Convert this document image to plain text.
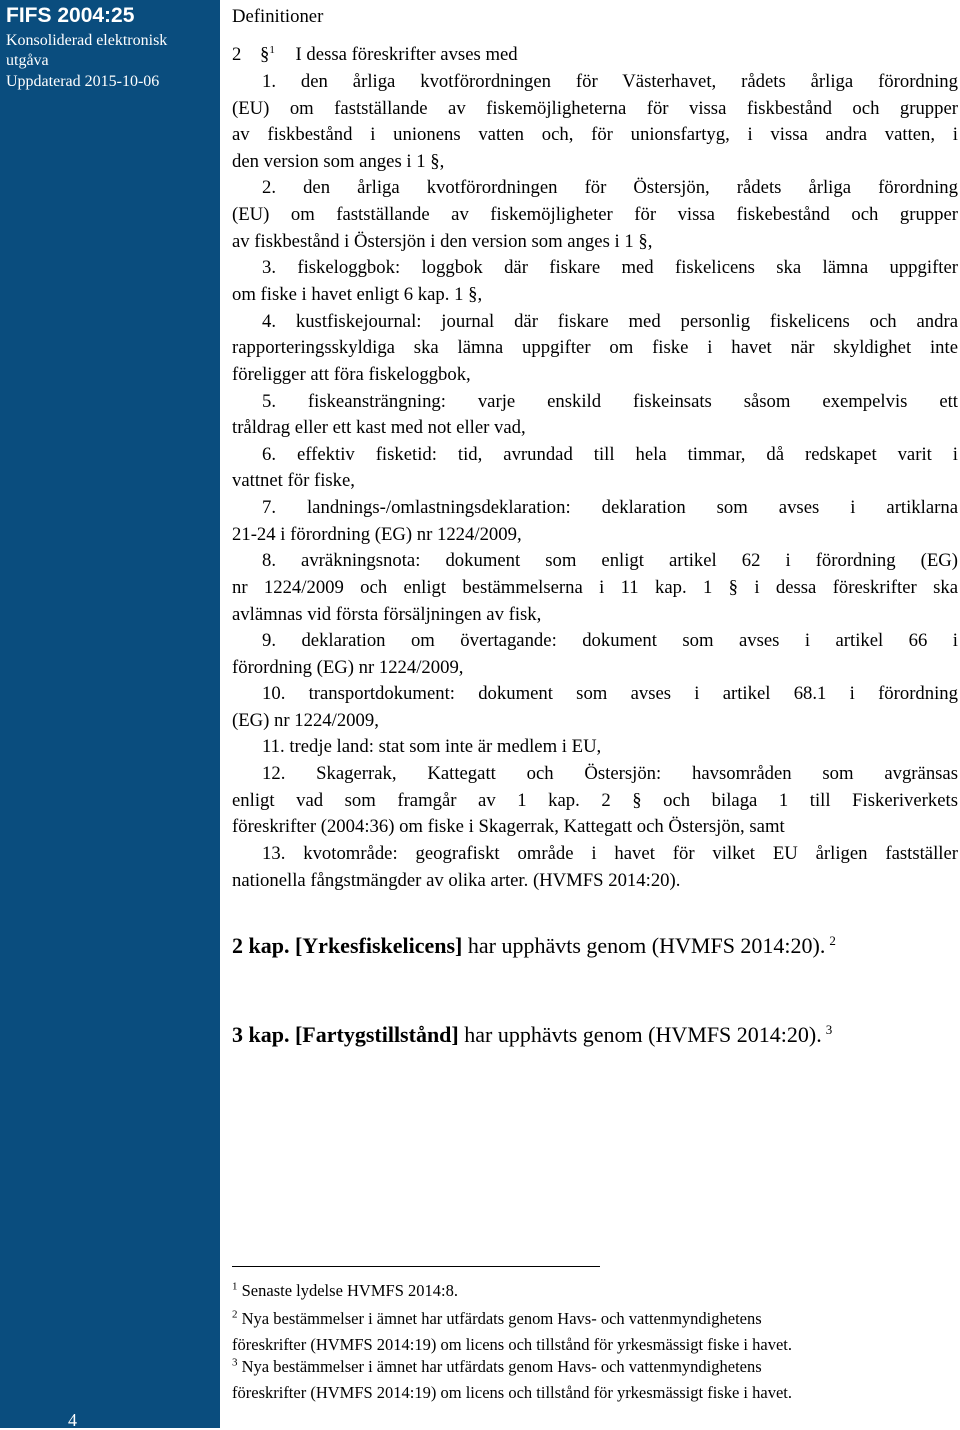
FIFS 2004:25
Konsoliderad elektronisk
utgåva
Uppdaterad 2015-10-06
4
Definitioner
2 §$^1$ I dessa föreskrifter avses med
1. den årliga kvotförordningen för Västerhavet, rådets årliga förordning
(EU) om fastställande av fiskemöjligheterna för vissa fiskbestånd och grupper
av fiskbestånd i unionens vatten och, för unionsfartyg, i vissa andra vatten, i
den version som anges i 1 §,
2. den årliga kvotförordningen för Östersjön, rådets årliga förordning
(EU) om fastställande av fiskemöjligheter för vissa fiskebestånd och grupper
av fiskbestånd i Östersjön i den version som anges i 1 §,
3. fiskeloggbok: loggbok där fiskare med fiskelicens ska lämna uppgifter
om fiske i havet enligt 6 kap. 1 §,
4. kustfiskejournal: journal där fiskare med personlig fiskelicens och andra
rapporteringsskyldiga ska lämna uppgifter om fiske i havet när skyldighet inte
föreligger att föra fiskeloggbok,
5. fiskeansträngning: varje enskild fiskeinsats såsom exempelvis ett
tråldrag eller ett kast med not eller vad,
6. effektiv fisketid: tid, avrundad till hela timmar, då redskapet varit i
vattnet för fiske,
7. landnings-/omlastningsdeklaration: deklaration som avses i artiklarna
21-24 i förordning (EG) nr 1224/2009,
8. avräkningsnota: dokument som enligt artikel 62 i förordning (EG)
nr 1224/2009 och enligt bestämmelserna i 11 kap. 1 § i dessa föreskrifter ska
avlämnas vid första försäljningen av fisk,
9. deklaration om övertagande: dokument som avses i artikel 66 i
förordning (EG) nr 1224/2009,
10. transportdokument: dokument som avses i artikel 68.1 i förordning
(EG) nr 1224/2009,
11. tredje land: stat som inte är medlem i EU,
12. Skagerrak, Kattegatt och Östersjön: havsområden som avgränsas
enligt vad som framgår av 1 kap. 2 § och bilaga 1 till Fiskeriverkets
föreskrifter (2004:36) om fiske i Skagerrak, Kattegatt och Östersjön, samt
13. kvotområde: geografiskt område i havet för vilket EU årligen fastställer
nationella fångstmängder av olika arter. (HVMFS 2014:20).
2 kap. [Yrkesfiskelicens] har upphävts genom (HVMFS 2014:20). $^2$
3 kap. [Fartygstillstånd] har upphävts genom (HVMFS 2014:20). $^3$
$^1$ Senaste lydelse HVMFS 2014:8.
$^2$ Nya bestämmelser i ämnet har utfärdats genom Havs- och vattenmyndighetens
föreskrifter (HVMFS 2014:19) om licens och tillstånd för yrkesmässigt fiske i havet.
$^3$ Nya bestämmelser i ämnet har utfärdats genom Havs- och vattenmyndighetens
föreskrifter (HVMFS 2014:19) om licens och tillstånd för yrkesmässigt fiske i havet.
